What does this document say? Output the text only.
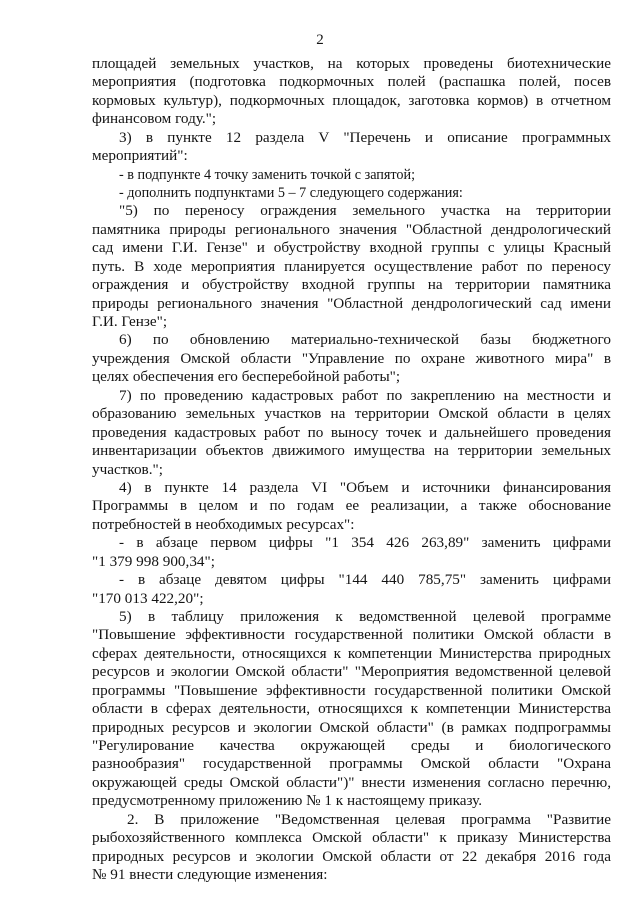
2
площадей земельных участков, на которых проведены биотехнические
мероприятия (подготовка подкормочных полей (распашка полей, посев
кормовых культур), подкормочных площадок, заготовка кормов) в отчетном
финансовом году.";
3) в пункте 12 раздела V "Перечень и описание программных
мероприятий":
- в подпункте 4 точку заменить точкой с запятой;
- дополнить подпунктами 5 – 7 следующего содержания:
"5) по переносу ограждения земельного участка на территории
памятника природы регионального значения "Областной дендрологический
сад имени Г.И. Гензе" и обустройству входной группы с улицы Красный
путь. В ходе мероприятия планируется осуществление работ по переносу
ограждения и обустройству входной группы на территории памятника
природы регионального значения "Областной дендрологический сад имени
Г.И. Гензе";
6) по обновлению материально-технической базы бюджетного
учреждения Омской области "Управление по охране животного мира" в
целях обеспечения его бесперебойной работы";
7) по проведению кадастровых работ по закреплению на местности и
образованию земельных участков на территории Омской области в целях
проведения кадастровых работ по выносу точек и дальнейшего проведения
инвентаризации объектов движимого имущества на территории земельных
участков.";
4) в пункте 14 раздела VI "Объем и источники финансирования
Программы в целом и по годам ее реализации, а также обоснование
потребностей в необходимых ресурсах":
- в абзаце первом цифры "1 354 426 263,89" заменить цифрами
"1 379 998 900,34";
- в абзаце девятом цифры "144 440 785,75" заменить цифрами
"170 013 422,20";
5) в таблицу приложения к ведомственной целевой программе
"Повышение эффективности государственной политики Омской области в
сферах деятельности, относящихся к компетенции Министерства природных
ресурсов и экологии Омской области" "Мероприятия ведомственной целевой
программы "Повышение эффективности государственной политики Омской
области в сферах деятельности, относящихся к компетенции Министерства
природных ресурсов и экологии Омской области" (в рамках подпрограммы
"Регулирование качества окружающей среды и биологического
разнообразия" государственной программы Омской области "Охрана
окружающей среды Омской области")" внести изменения согласно перечню,
предусмотренному приложению № 1 к настоящему приказу.
2. В приложение "Ведомственная целевая программа "Развитие
рыбохозяйственного комплекса Омской области" к приказу Министерства
природных ресурсов и экологии Омской области от 22 декабря 2016 года
№ 91 внести следующие изменения:
